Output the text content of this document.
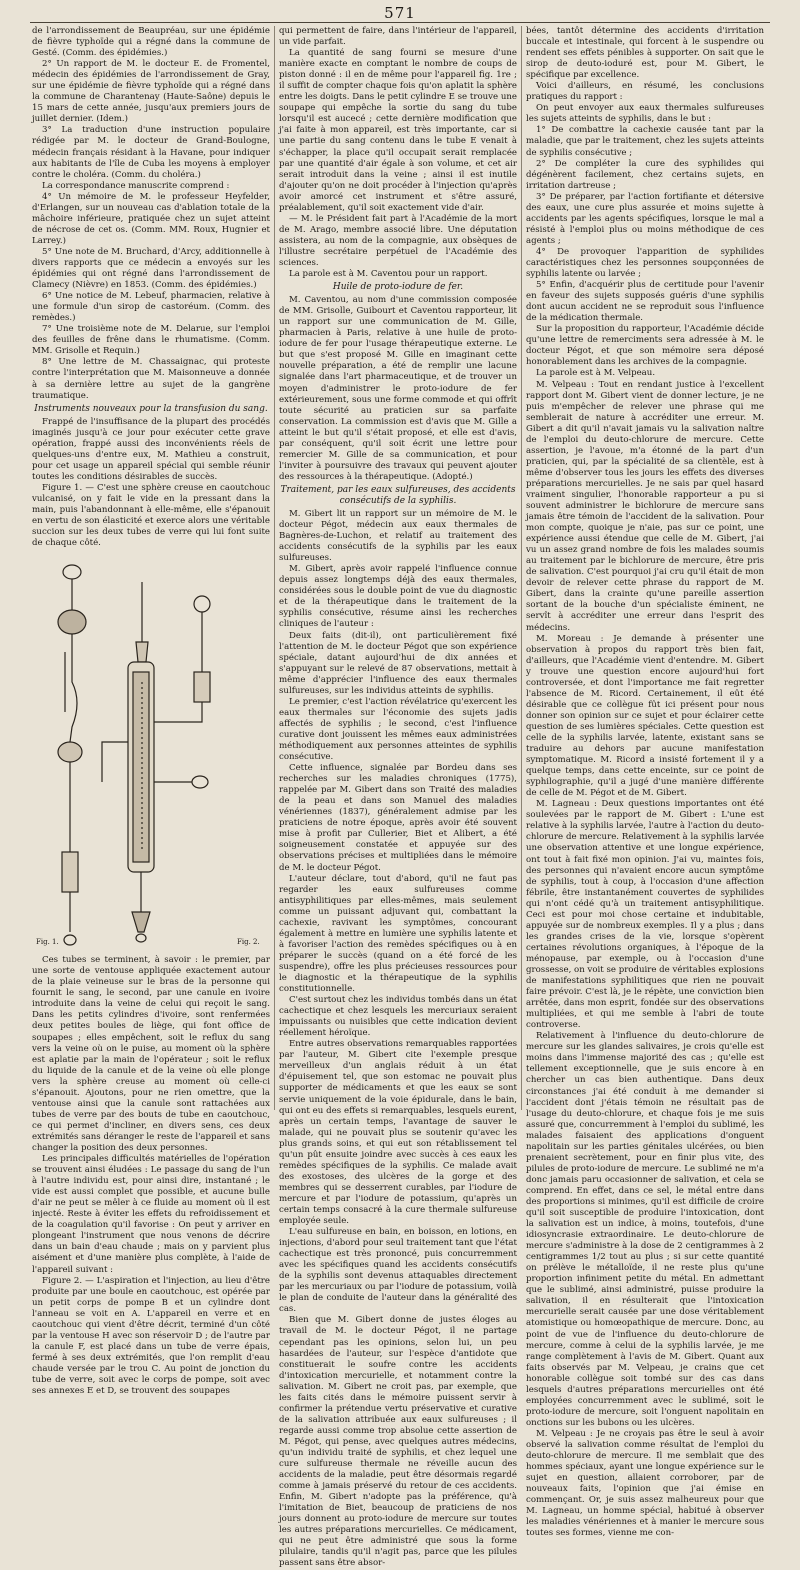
571

de l'arrondissement de Beaupréau, sur une épidémie de fièvre typhoïde qui a régné dans la commune de Gesté. (Comm. des épidémies.)

2° Un rapport de M. le docteur E. de Fromentel, médecin des épidémies de l'arrondissement de Gray, sur une épidémie de fièvre typhoïde qui a régné dans la commune de Charantenay (Haute-Saône) depuis le 15 mars de cette année, jusqu'aux premiers jours de juillet dernier. (Idem.)

3° La traduction d'une instruction populaire rédigée par M. le docteur de Grand-Boulogne, médecin français résidant à la Havane, pour indiquer aux habitants de l'île de Cuba les moyens à employer contre le choléra. (Comm. du choléra.)

La correspondance manuscrite comprend :

4° Un mémoire de M. le professeur Heyfelder, d'Erlangen, sur un nouveau cas d'ablation totale de la mâchoire inférieure, pratiquée chez un sujet atteint de nécrose de cet os. (Comm. MM. Roux, Hugnier et Larrey.)

5° Une note de M. Bruchard, d'Arcy, additionnelle à divers rapports que ce médecin a envoyés sur les épidémies qui ont régné dans l'arrondissement de Clamecy (Nièvre) en 1853. (Comm. des épidémies.)

6° Une notice de M. Lebeuf, pharmacien, relative à une formule d'un sirop de castoréum. (Comm. des remèdes.)

7° Une troisième note de M. Delarue, sur l'emploi des feuilles de frêne dans le rhumatisme. (Comm. MM. Grisolle et Requin.)

8° Une lettre de M. Chassaignac, qui proteste contre l'interprétation que M. Maisonneuve a donnée à sa dernière lettre au sujet de la gangrène traumatique.

Instruments nouveaux pour la transfusion du sang.

Frappé de l'insuffisance de la plupart des procédés imaginés jusqu'à ce jour pour exécuter cette grave opération, frappé aussi des inconvénients réels de quelques-uns d'entre eux, M. Mathieu a construit, pour cet usage un appareil spécial qui semble réunir toutes les conditions désirables de succès.

Figure 1. — C'est une sphère creuse en caoutchouc vulcanisé, on y fait le vide en la pressant dans la main, puis l'abandonnant à elle-même, elle s'épanouit en vertu de son élasticité et exerce alors une véritable succion sur les deux tubes de verre qui lui font suite de chaque côté.

Fig. 1.	Fig. 2.

Ces tubes se terminent, à savoir : le premier, par une sorte de ventouse appliquée exactement autour de la plaie veineuse sur le bras de la personne qui fournit le sang, le second, par une canule en ivoire introduite dans la veine de celui qui reçoit le sang. Dans les petits cylindres d'ivoire, sont renfermées deux petites boules de liège, qui font office de soupapes ; elles empêchent, soit le reflux du sang vers la veine où on le puise, au moment où la sphère est aplatie par la main de l'opérateur ; soit le reflux du liquide de la canule et de la veine où elle plonge vers la sphère creuse au moment où celle-ci s'épanouit. Ajoutons, pour ne rien omettre, que la ventouse ainsi que la canule sont rattachées aux tubes de verre par des bouts de tube en caoutchouc, ce qui permet d'incliner, en divers sens, ces deux extrémités sans déranger le reste de l'appareil et sans changer la position des deux personnes.

Les principales difficultés matérielles de l'opération se trouvent ainsi éludées : Le passage du sang de l'un à l'autre individu est, pour ainsi dire, instantané ; le vide est aussi complet que possible, et aucune bulle d'air ne peut se mêler à ce fluide au moment où il est injecté. Reste à éviter les effets du refroidissement et de la coagulation qu'il favorise : On peut y arriver en plongeant l'instrument que nous venons de décrire dans un bain d'eau chaude ; mais on y parvient plus aisément et d'une manière plus complète, à l'aide de l'appareil suivant :

Figure 2. — L'aspiration et l'injection, au lieu d'être produite par une boule en caoutchouc, est opérée par un petit corps de pompe B et un cylindre dont l'anneau se voit en A. L'appareil en verre et en caoutchouc qui vient d'être décrit, terminé d'un côté par la ventouse H avec son réservoir D ; de l'autre par la canule F, est placé dans un tube de verre épais, fermé à ses deux extrémités, que l'on remplit d'eau chaude versée par le trou C. Au point de jonction du tube de verre, soit avec le corps de pompe, soit avec ses annexes E et D, se trouvent des soupapes

qui permettent de faire, dans l'intérieur de l'appareil, un vide parfait.

La quantité de sang fourni se mesure d'une manière exacte en comptant le nombre de coups de piston donné : il en de même pour l'appareil fig. 1re ; il suffit de compter chaque fois qu'on aplatit la sphère entre les doigts. Dans le petit cylindre E se trouve une soupape qui empêche la sortie du sang du tube lorsqu'il est aucecé ; cette dernière modification que j'ai faite à mon appareil, est très importante, car si une partie du sang contenu dans le tube E venait à s'échapper, la place qu'il occupait serait remplacée par une quantité d'air égale à son volume, et cet air serait introduit dans la veine ; ainsi il est inutile d'ajouter qu'on ne doit procéder à l'injection qu'après avoir amorcé cet instrument et s'être assuré, préalablement, qu'il soit exactement vide d'air.

— M. le Président fait part à l'Académie de la mort de M. Arago, membre associé libre. Une députation assistera, au nom de la compagnie, aux obsèques de l'illustre secrétaire perpétuel de l'Académie des sciences.

La parole est à M. Caventou pour un rapport.

Huile de proto-iodure de fer.

M. Caventou, au nom d'une commission composée de MM. Grisolle, Guibourt et Caventou rapporteur, lit un rapport sur une communication de M. Gille, pharmacien à Paris, relative à une huile de proto-iodure de fer pour l'usage thérapeutique externe. Le but que s'est proposé M. Gille en imaginant cette nouvelle préparation, a été de remplir une lacune signalée dans l'art pharmaceutique, et de trouver un moyen d'administrer le proto-iodure de fer extérieurement, sous une forme commode et qui offrît toute sécurité au praticien sur sa parfaite conservation. La commission est d'avis que M. Gille a atteint le but qu'il s'était proposé, et elle est d'avis, par conséquent, qu'il soit écrit une lettre pour remercier M. Gille de sa communication, et pour l'inviter à poursuivre des travaux qui peuvent ajouter des ressources à la thérapeutique. (Adopté.)

Traitement, par les eaux sulfureuses, des accidents consécutifs de la syphilis.

M. Gibert lit un rapport sur un mémoire de M. le docteur Pégot, médecin aux eaux thermales de Bagnères-de-Luchon, et relatif au traitement des accidents consécutifs de la syphilis par les eaux sulfureuses.

M. Gibert, après avoir rappelé l'influence connue depuis assez longtemps déjà des eaux thermales, considérées sous le double point de vue du diagnostic et de la thérapeutique dans le traitement de la syphilis consécutive, résume ainsi les recherches cliniques de l'auteur :

Deux faits (dit-il), ont particulièrement fixé l'attention de M. le docteur Pégot que son expérience spéciale, datant aujourd'hui de dix années et s'appuyant sur le relevé de 87 observations, mettait à même d'apprécier l'influence des eaux thermales sulfureuses, sur les individus atteints de syphilis.

Le premier, c'est l'action révélatrice qu'exercent les eaux thermales sur l'économie des sujets jadis affectés de syphilis ; le second, c'est l'influence curative dont jouissent les mêmes eaux administrées méthodiquement aux personnes atteintes de syphilis consécutive.

Cette influence, signalée par Bordeu dans ses recherches sur les maladies chroniques (1775), rappelée par M. Gibert dans son Traité des maladies de la peau et dans son Manuel des maladies vénériennes (1837), généralement admise par les praticiens de notre époque, après avoir été souvent mise à profit par Cullerier, Biet et Alibert, a été soigneusement constatée et appuyée sur des observations précises et multipliées dans le mémoire de M. le docteur Pégot.

L'auteur déclare, tout d'abord, qu'il ne faut pas regarder les eaux sulfureuses comme antisyphilitiques par elles-mêmes, mais seulement comme un puissant adjuvant qui, combattant la cachexie, ravivant les symptômes, concourant également à mettre en lumière une syphilis latente et à favoriser l'action des remèdes spécifiques ou à en préparer le succès (quand on a été forcé de les suspendre), offre les plus précieuses ressources pour le diagnostic et la thérapeutique de la syphilis constitutionnelle.

C'est surtout chez les individus tombés dans un état cachectique et chez lesquels les mercuriaux seraient impuissants ou nuisibles que cette indication devient réellement héroïque.

Entre autres observations remarquables rapportées par l'auteur, M. Gibert cite l'exemple presque merveilleux d'un anglais réduit à un état d'épuisement tel, que son estomac ne pouvait plus supporter de médicaments et que les eaux se sont servie uniquement de la voie épidurale, dans le bain, qui ont eu des effets si remarquables, lesquels eurent, après un certain temps, l'avantage de sauver le malade, qui ne pouvait plus se soutenir qu'avec les plus grands soins, et qui eut son rétablissement tel qu'un pût ensuite joindre avec succès à ces eaux les remèdes spécifiques de la syphilis. Ce malade avait des exostoses, des ulcères de la gorge et des membres qui se desserrent curables, par l'iodure de mercure et par l'iodure de potassium, qu'après un certain temps consacré à la cure thermale sulfureuse employée seule.

L'eau sulfureuse en bain, en boisson, en lotions, en injections, d'abord pour seul traitement tant que l'état cachectique est très prononcé, puis concurremment avec les spécifiques quand les accidents consécutifs de la syphilis sont devenus attaquables directement par les mercuriaux ou par l'iodure de potassium, voilà le plan de conduite de l'auteur dans la généralité des cas.

Bien que M. Gibert donne de justes éloges au travail de M. le docteur Pégot, il ne partage cependant pas les opinions, selon lui, un peu hasardées de l'auteur, sur l'espèce d'antidote que constituerait le soufre contre les accidents d'intoxication mercurielle, et notamment contre la salivation. M. Gibert ne croit pas, par exemple, que les faits cités dans le mémoire puissent servir à confirmer la prétendue vertu préservative et curative de la salivation attribuée aux eaux sulfureuses ; il regarde aussi comme trop absolue cette assertion de M. Pégot, qui pense, avec quelques autres médecins, qu'un individu traité de syphilis, et chez lequel une cure sulfureuse thermale ne réveille aucun des accidents de la maladie, peut être désormais regardé comme à jamais préservé du retour de ces accidents. Enfin, M. Gibert n'adopte pas la préférence, qu'à l'imitation de Biet, beaucoup de praticiens de nos jours donnent au proto-iodure de mercure sur toutes les autres préparations mercurielles. Ce médicament, qui ne peut être administré que sous la forme pilulaire, tandis qu'il n'agit pas, parce que les pilules passent sans être absor-

bées, tantôt détermine des accidents d'irritation buccale et intestinale, qui forcent à le suspendre ou rendent ses effets pénibles à supporter. On sait que le sirop de deuto-ioduré est, pour M. Gibert, le spécifique par excellence.

Voici d'ailleurs, en résumé, les conclusions pratiques du rapport :

On peut envoyer aux eaux thermales sulfureuses les sujets atteints de syphilis, dans le but :

1° De combattre la cachexie causée tant par la maladie, que par le traitement, chez les sujets atteints de syphilis consécutive ;

2° De compléter la cure des syphilides qui dégénèrent facilement, chez certains sujets, en irritation dartreuse ;

3° De préparer, par l'action fortifiante et détersive des eaux, une cure plus assurée et moins sujette à accidents par les agents spécifiques, lorsque le mal a résisté à l'emploi plus ou moins méthodique de ces agents ;

4° De provoquer l'apparition de syphilides caractéristiques chez les personnes soupçonnées de syphilis latente ou larvée ;

5° Enfin, d'acquérir plus de certitude pour l'avenir en faveur des sujets supposés guéris d'une syphilis dont aucun accident ne se reproduit sous l'influence de la médication thermale.

Sur la proposition du rapporteur, l'Académie décide qu'une lettre de remerciments sera adressée à M. le docteur Pégot, et que son mémoire sera déposé honorablement dans les archives de la compagnie.

La parole est à M. Velpeau.

M. Velpeau : Tout en rendant justice à l'excellent rapport dont M. Gibert vient de donner lecture, je ne puis m'empêcher de relever une phrase qui me semblerait de nature à accréditer une erreur. M. Gibert a dit qu'il n'avait jamais vu la salivation naître de l'emploi du deuto-chlorure de mercure. Cette assertion, je l'avoue, m'a étonné de la part d'un praticien, qui, par la spécialité de sa clientèle, est à même d'observer tous les jours les effets des diverses préparations mercurielles. Je ne sais par quel hasard vraiment singulier, l'honorable rapporteur a pu si souvent administrer le bichlorure de mercure sans jamais être témoin de l'accident de la salivation. Pour mon compte, quoique je n'aie, pas sur ce point, une expérience aussi étendue que celle de M. Gibert, j'ai vu un assez grand nombre de fois les malades soumis au traitement par le bichlorure de mercure, être pris de salivation. C'est pourquoi j'ai cru qu'il était de mon devoir de relever cette phrase du rapport de M. Gibert, dans la crainte qu'une pareille assertion sortant de la bouche d'un spécialiste éminent, ne servît à accréditer une erreur dans l'esprit des médecins.

M. Moreau : Je demande à présenter une observation à propos du rapport très bien fait, d'ailleurs, que l'Académie vient d'entendre. M. Gibert y trouve une question encore aujourd'hui fort controversée, et dont l'importance me fait regretter l'absence de M. Ricord. Certainement, il eût été désirable que ce collègue fût ici présent pour nous donner son opinion sur ce sujet et pour éclairer cette question de ses lumières spéciales. Cette question est celle de la syphilis larvée, latente, existant sans se traduire au dehors par aucune manifestation symptomatique. M. Ricord a insisté fortement il y a quelque temps, dans cette enceinte, sur ce point de syphilographie, qu'il a jugé d'une manière différente de celle de M. Pégot et de M. Gibert.

M. Lagneau : Deux questions importantes ont été soulevées par le rapport de M. Gibert : L'une est relative à la syphilis larvée, l'autre à l'action du deuto-chlorure de mercure. Relativement à la syphilis larvée une observation attentive et une longue expérience, ont tout à fait fixé mon opinion. J'ai vu, maintes fois, des personnes qui n'avaient encore aucun symptôme de syphilis, tout à coup, à l'occasion d'une affection fébrile, être instantanément couvertes de syphilides qui n'ont cédé qu'à un traitement antisyphilitique. Ceci est pour moi chose certaine et indubitable, appuyée sur de nombreux exemples. Il y a plus ; dans les grandes crises de la vie, lorsque s'opèrent certaines révolutions organiques, à l'époque de la ménopause, par exemple, ou à l'occasion d'une grossesse, on voit se produire de véritables explosions de manifestations syphilitiques que rien ne pouvait faire prévoir. C'est là, je le répète, une conviction bien arrêtée, dans mon esprit, fondée sur des observations multipliées, et qui me semble à l'abri de toute controverse.

Relativement à l'influence du deuto-chlorure de mercure sur les glandes salivaires, je crois qu'elle est moins dans l'immense majorité des cas ; qu'elle est tellement exceptionnelle, que je suis encore à en chercher un cas bien authentique. Dans deux circonstances j'ai été conduit à me demander si l'accident dont j'étais témoin ne résultait pas de l'usage du deuto-chlorure, et chaque fois je me suis assuré que, concurremment à l'emploi du sublimé, les malades faisaient des applications d'onguent napolitain sur les parties génitales ulcérées, ou bien prenaient secrètement, pour en finir plus vite, des pilules de proto-iodure de mercure. Le sublimé ne m'a donc jamais paru occasionner de salivation, et cela se comprend. En effet, dans ce sel, le métal entre dans des proportions si minimes, qu'il est difficile de croire qu'il soit susceptible de produire l'intoxication, dont la salivation est un indice, à moins, toutefois, d'une idiosyncrasie extraordinaire. Le deuto-chlorure de mercure s'administre à la dose de 2 centigrammes à 2 centigrammes 1/2 tout au plus ; si sur cette quantité on prélève le métalloïde, il ne reste plus qu'une proportion infiniment petite du métal. En admettant que le sublimé, ainsi administré, puisse produire la salivation, il en résulterait que l'intoxication mercurielle serait causée par une dose véritablement atomistique ou homœopathique de mercure. Donc, au point de vue de l'influence du deuto-chlorure de mercure, comme à celui de la syphilis larvée, je me range complètement à l'avis de M. Gibert. Quant aux faits observés par M. Velpeau, je crains que cet honorable collègue soit tombé sur des cas dans lesquels d'autres préparations mercurielles ont été employées concurremment avec le sublimé, soit le proto-iodure de mercure, soit l'onguent napolitain en onctions sur les bubons ou les ulcères.

M. Velpeau : Je ne croyais pas être le seul à avoir observé la salivation comme résultat de l'emploi du deuto-chlorure de mercure. Il me semblait que des hommes spéciaux, ayant une longue expérience sur le sujet en question, allaient corroborer, par de nouveaux faits, l'opinion que j'ai émise en commençant. Or, je suis assez malheureux pour que M. Lagneau, un homme spécial, habitué à observer les maladies vénériennes et à manier le mercure sous toutes ses formes, vienne me con-
